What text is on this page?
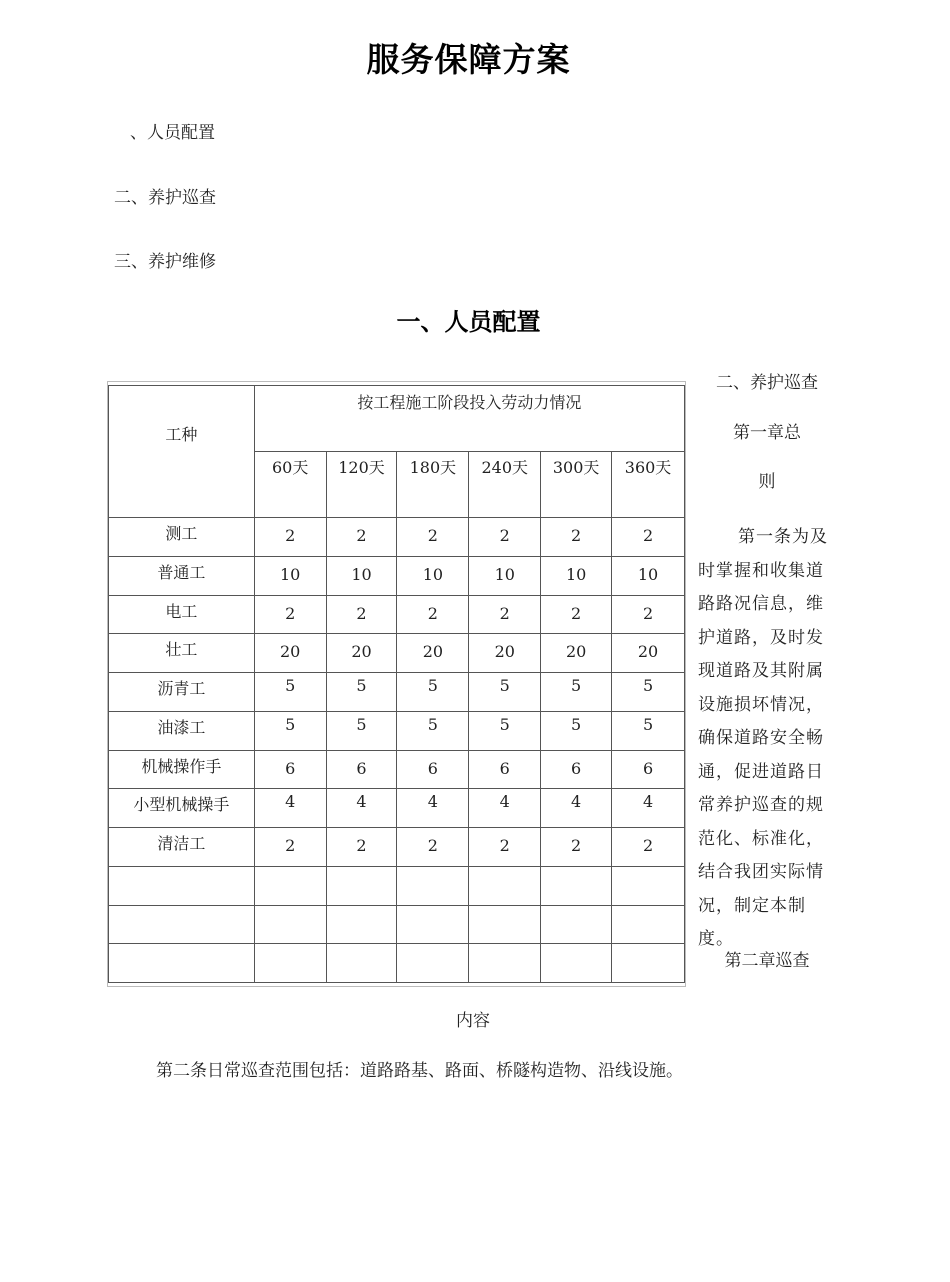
服务保障方案
、人员配置
二、养护巡查
三、养护维修
一、人员配置
工种	按工程施工阶段投入劳动力情况					
	60天	120天	180天	240天	300天	360天
测工	2	2	2	2	2	2
普通工	10	10	10	10	10	10
电工	2	2	2	2	2	2
壮工	20	20	20	20	20	20
沥青工	5	5	5	5	5	5
油漆工	5	5	5	5	5	5
机械操作手	6	6	6	6	6	6
小型机械操手	4	4	4	4	4	4
清洁工	2	2	2	2	2	2

二、养护巡查
第一章总
则
第一条为及时掌握和收集道路路况信息，维护道路，及时发现道路及其附属设施损坏情况，确保道路安全畅通，促进道路日常养护巡查的规范化、标准化，结合我团实际情况，制定本制度。
第二章巡查
内容
第二条日常巡查范围包括：道路路基、路面、桥隧构造物、沿线设施。
